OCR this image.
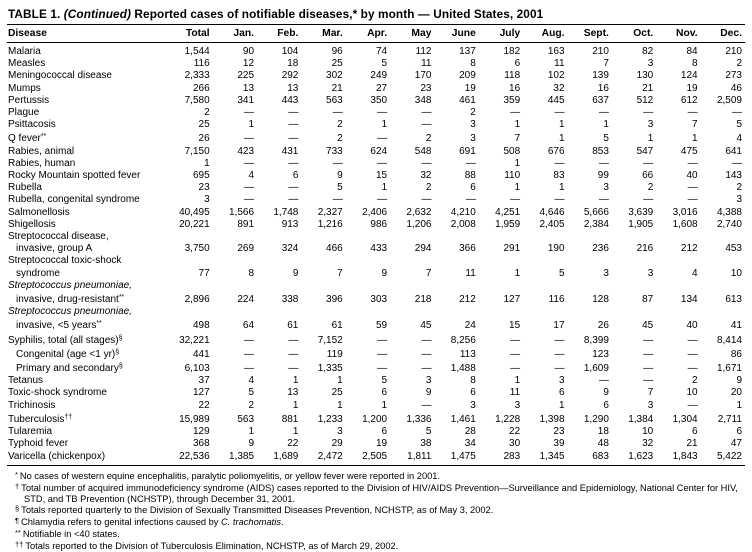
TABLE 1. (Continued) Reported cases of notifiable diseases,* by month — United States, 2001
Disease	Total	Jan.	Feb.	Mar.	Apr.	May	June	July	Aug.	Sept.	Oct.	Nov.	Dec.

Malaria	1,544	90	104	96	74	112	137	182	163	210	82	84	210

Measles	116	12	18	25	5	11	8	6	11	7	3	8	2

Meningococcal disease	2,333	225	292	302	249	170	209	118	102	139	130	124	273

Mumps	266	13	13	21	27	23	19	16	32	16	21	19	46

Pertussis	7,580	341	443	563	350	348	461	359	445	637	512	612	2,509

Plague	2	—	—	—	—	—	2	—	—	—	—	—	—

Psittacosis	25	1	—	2	1	—	3	1	1	1	3	7	5

Q fever**	26	—	—	2	—	2	3	7	1	5	1	1	4

Rabies, animal	7,150	423	431	733	624	548	691	508	676	853	547	475	641

Rabies, human	1	—	—	—	—	—	—	1	—	—	—	—	—

Rocky Mountain spotted fever	695	4	6	9	15	32	88	110	83	99	66	40	143

Rubella	23	—	—	5	1	2	6	1	1	3	2	—	2

Rubella, congenital syndrome	3	—	—	—	—	—	—	—	—	—	—	—	3

Salmonellosis	40,495	1,566	1,748	2,327	2,406	2,632	4,210	4,251	4,646	5,666	3,639	3,016	4,388

Shigellosis	20,221	891	913	1,216	986	1,206	2,008	1,959	2,405	2,384	1,905	1,608	2,740

Streptococcal disease,
invasive, group A	3,750	269	324	466	433	294	366	291	190	236	216	212	453

Streptococcal toxic-shock
syndrome	77	8	9	7	9	7	11	1	5	3	3	4	10

Streptococcus pneumoniae,
invasive, drug-resistant**	2,896	224	338	396	303	218	212	127	116	128	87	134	613

Streptococcus pneumoniae,
invasive, <5 years**	498	64	61	61	59	45	24	15	17	26	45	40	41

Syphilis, total (all stages)§	32,221	—	—	7,152	—	—	8,256	—	—	8,399	—	—	8,414

Congenital (age <1 yr)§	441	—	—	119	—	—	113	—	—	123	—	—	86

Primary and secondary§	6,103	—	—	1,335	—	—	1,488	—	—	1,609	—	—	1,671

Tetanus	37	4	1	1	5	3	8	1	3	—	—	2	9

Toxic-shock syndrome	127	5	13	25	6	9	6	11	6	9	7	10	20

Trichinosis	22	2	1	1	1	—	3	3	1	6	3	—	1

Tuberculosis††	15,989	563	881	1,233	1,200	1,336	1,461	1,228	1,398	1,290	1,384	1,304	2,711

Tularemia	129	1	1	3	6	5	28	22	23	18	10	6	6

Typhoid fever	368	9	22	29	19	38	34	30	39	48	32	21	47

Varicella (chickenpox)	22,536	1,385	1,689	2,472	2,505	1,811	1,475	283	1,345	683	1,623	1,843	5,422
* No cases of western equine encephalitis, paralytic poliomyelitis, or yellow fever were reported in 2001.
† Total number of acquired immunodeficiency syndrome (AIDS) cases reported to the Division of HIV/AIDS Prevention—Surveillance and Epidemiology, National Center for HIV, STD, and TB Prevention (NCHSTP), through December 31, 2001.
§ Totals reported quarterly to the Division of Sexually Transmitted Diseases Prevention, NCHSTP, as of May 3, 2002.
¶ Chlamydia refers to genital infections caused by C. trachomatis.
** Notifiable in <40 states.
†† Totals reported to the Division of Tuberculosis Elimination, NCHSTP, as of March 29, 2002.
